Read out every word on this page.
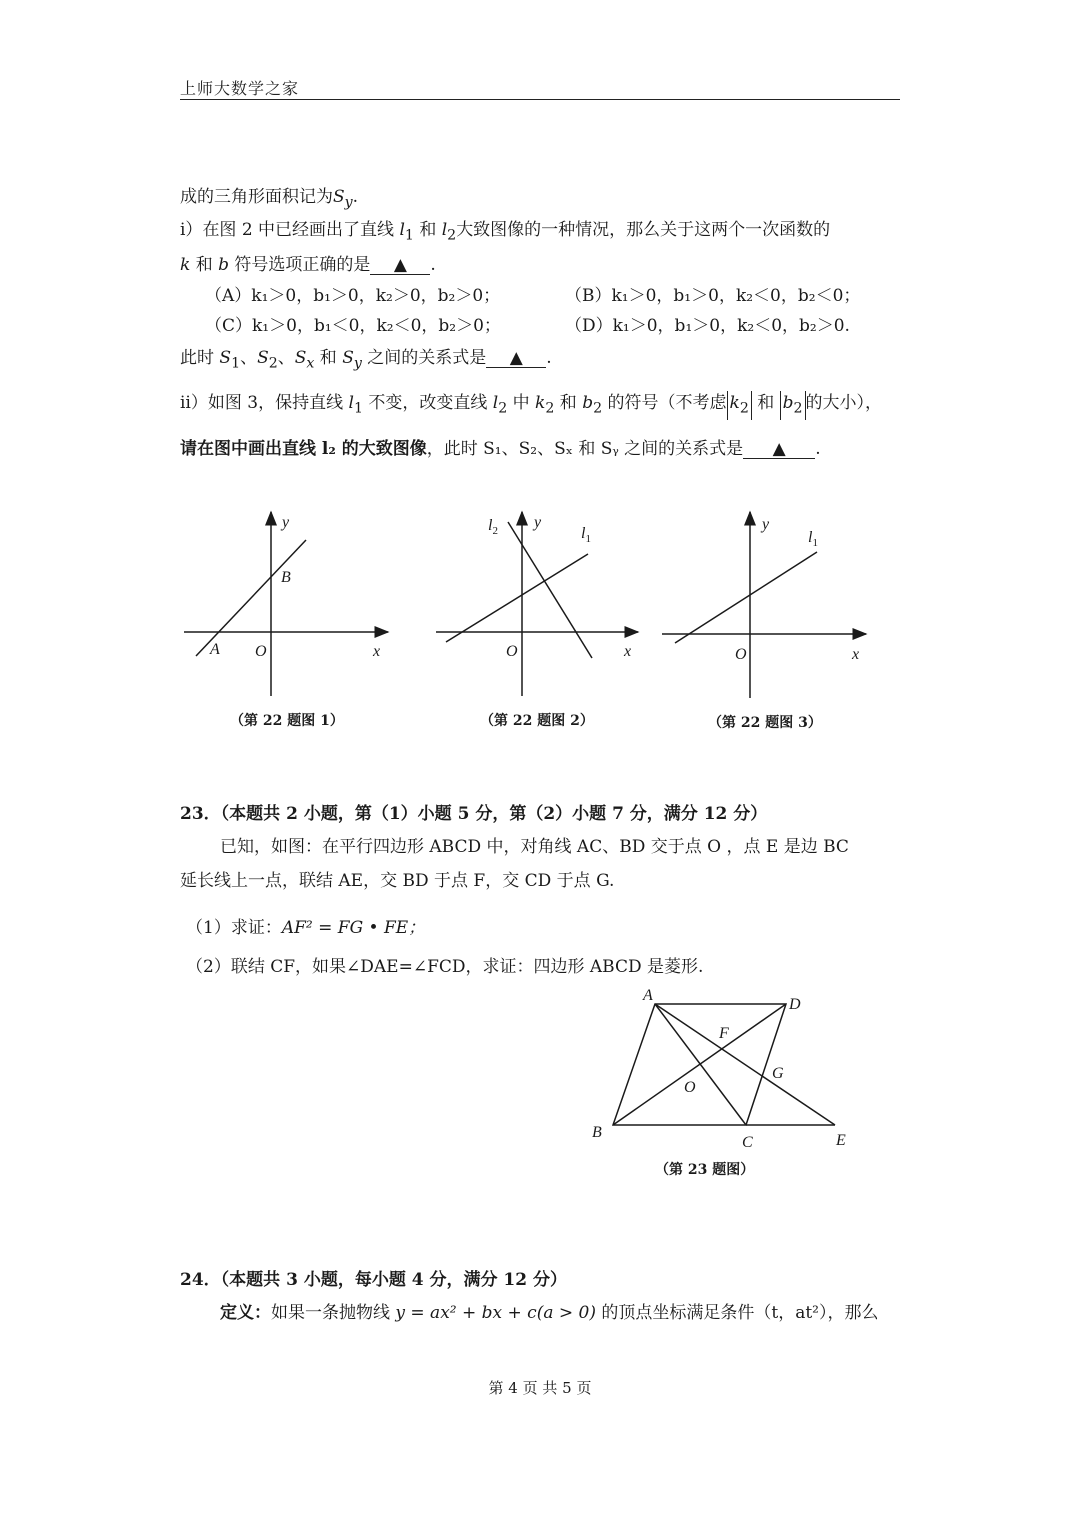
上师大数学之家
成的三角形面积记为$S_y$.
ⅰ）在图 2 中已经画出了直线 $l_1$ 和 $l_2$大致图像的一种情况，那么关于这两个一次函数的
k 和 b 符号选项正确的是 ▲ .
（A）k₁＞0，b₁＞0，k₂＞0，b₂＞0；	（B）k₁＞0，b₁＞0，k₂＜0，b₂＜0；
（C）k₁＞0，b₁＜0，k₂＜0，b₂＞0；	（D）k₁＞0，b₁＞0，k₂＜0，b₂＞0.
此时 $S_1$、$S_2$、$S_x$ 和 $S_y$ 之间的关系式是 ▲ .
ⅱ）如图 3，保持直线 $l_1$ 不变，改变直线 $l_2$ 中 $k_2$ 和 $b_2$ 的符号（不考虑 $k_2$ 和 $b_2$ 的大小），
请在图中画出直线 l₂ 的大致图像，此时 S₁、S₂、Sₓ 和 Sᵧ 之间的关系式是 ▲ .
y
B
A O	x
$l_2$ y
$l_1$
O	x
y
$l_1$
O	x
（第 22 题图 1）	（第 22 题图 2）	（第 22 题图 3）
23．（本题共 2 小题，第（1）小题 5 分，第（2）小题 7 分，满分 12 分）
已知，如图：在平行四边形 ABCD 中，对角线 AC、BD 交于点 O ，点 E 是边 BC
延长线上一点，联结 AE，交 BD 于点 F，交 CD 于点 G.
（1）求证：AF² = FG • FE；
（2）联结 CF，如果∠DAE=∠FCD，求证：四边形 ABCD 是菱形.
A
D
F
G
O
B
C	E
（第 23 题图）
24．（本题共 3 小题，每小题 4 分，满分 12 分）
定义：如果一条抛物线 y = ax² + bx + c(a > 0) 的顶点坐标满足条件（t，at²），那么
第 4 页 共 5 页
